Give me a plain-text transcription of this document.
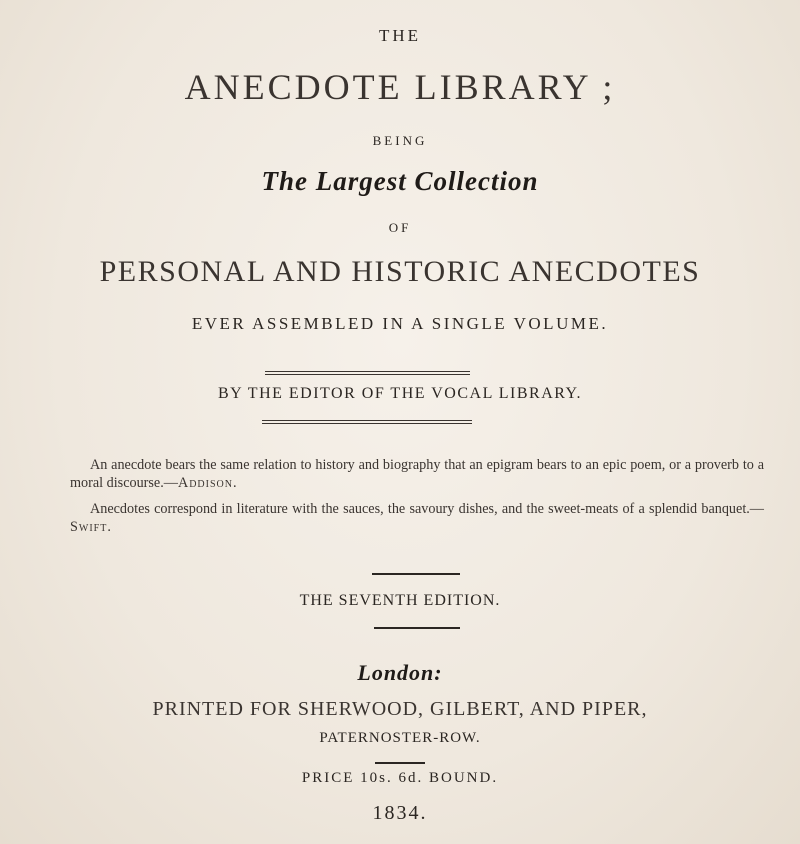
THE
ANECDOTE LIBRARY ;
BEING
The Largest Collection
OF
PERSONAL AND HISTORIC ANECDOTES
EVER ASSEMBLED IN A SINGLE VOLUME.
BY THE EDITOR OF THE VOCAL LIBRARY.
An anecdote bears the same relation to history and biography that an epigram bears to an epic poem, or a proverb to a moral discourse.—Addison.
Anecdotes correspond in literature with the sauces, the savoury dishes, and the sweet-meats of a splendid banquet.—Swift.
THE SEVENTH EDITION.
London:
PRINTED FOR SHERWOOD, GILBERT, AND PIPER,
PATERNOSTER-ROW.
PRICE 10s. 6d. BOUND.
1834.
